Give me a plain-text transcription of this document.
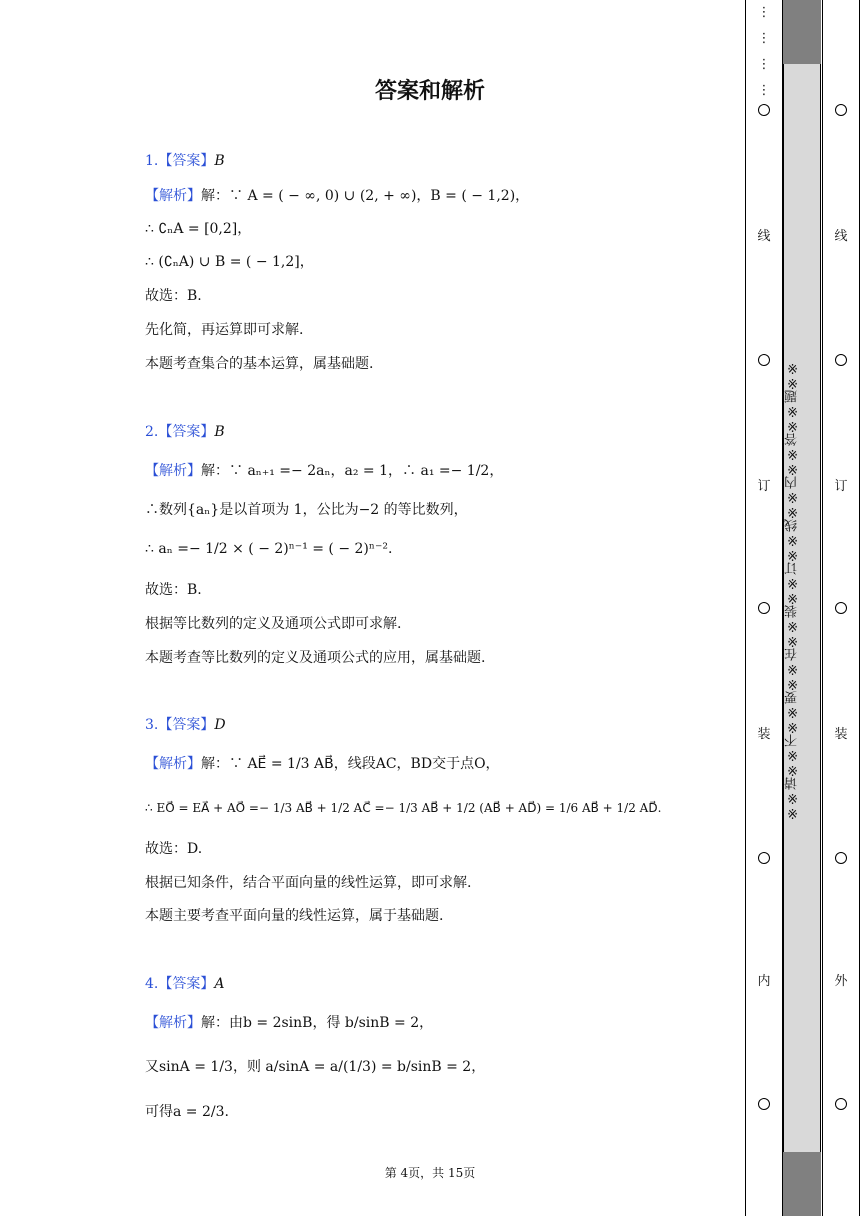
答案和解析
1.【答案】B
【解析】解：∵ A = ( − ∞, 0) ∪ (2, + ∞)，B = ( − 1,2)，
∴ ∁ₙA = [0,2]，
∴ (∁ₙA) ∪ B = ( − 1,2]，
故选：B.
先化简，再运算即可求解.
本题考查集合的基本运算，属基础题.
2.【答案】B
【解析】解：∵ aₙ₊₁ =− 2aₙ，a₂ = 1，∴ a₁ =− 1/2，
∴数列{aₙ}是以首项为 1，公比为−2 的等比数列，
∴ aₙ =− 1/2 × ( − 2)ⁿ⁻¹ = ( − 2)ⁿ⁻².
故选：B.
根据等比数列的定义及通项公式即可求解.
本题考查等比数列的定义及通项公式的应用，属基础题.
3.【答案】D
【解析】解：∵ AE⃗ = 1/3 AB⃗，线段AC，BD交于点O，
∴ EO⃗ = EA⃗ + AO⃗ =− 1/3 AB⃗ + 1/2 AC⃗ =− 1/3 AB⃗ + 1/2 (AB⃗ + AD⃗) = 1/6 AB⃗ + 1/2 AD⃗.
故选：D.
根据已知条件，结合平面向量的线性运算，即可求解.
本题主要考查平面向量的线性运算，属于基础题.
4.【答案】A
【解析】解：由b = 2sinB，得 b/sinB = 2，
又sinA = 1/3，则 a/sinA = a/(1/3) = b/sinB = 2，
可得a = 2/3.
第 4页，共 15页
※※请※※不※※要※※在※※装※※订※※线※※内※※答※※题※※
⋮

⋮

⋮

⋮
线
订
装
内
线
订
装
外
